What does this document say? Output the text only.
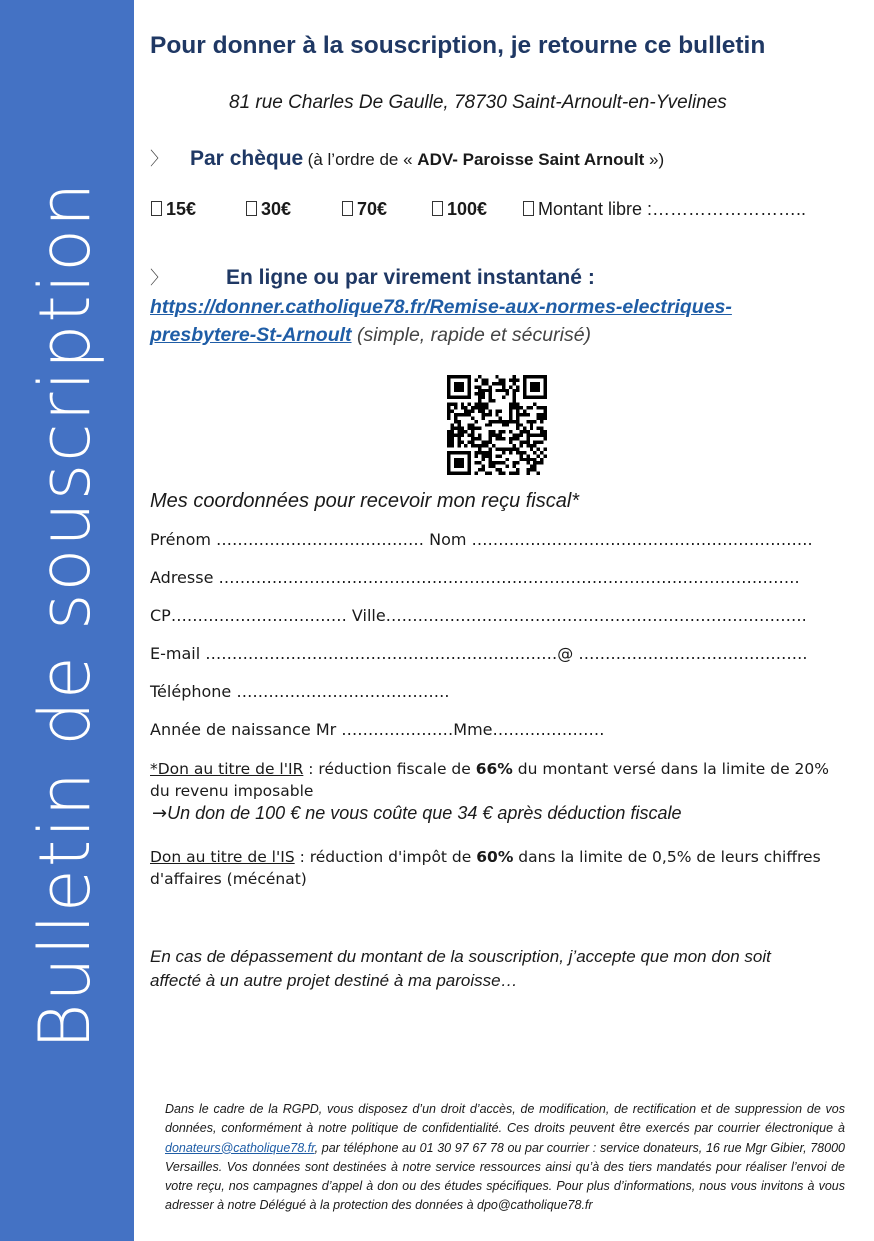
Bulletin de souscription
Pour donner à la souscription, je retourne ce bulletin
81 rue Charles De Gaulle, 78730 Saint-Arnoult-en-Yvelines
〉 Par chèque (à l’ordre de « ADV- Paroisse Saint Arnoult »)
15€	30€	70€	100€	Montant libre :……………………..
〉	En ligne ou par virement instantané :
https://donner.catholique78.fr/Remise-aux-normes-electriques-presbytere-St-Arnoult (simple, rapide et sécurisé)
Mes coordonnées pour recevoir mon reçu fiscal*
Prénom ………………………………… Nom ……………………………………………………….
Adresse ……………………………………………………………………………………………….
CP…………………………… Ville…………………………………………………………………….
E-mail …………………………………………………………@ …………………………………….
Téléphone ………………………………….
Année de naissance Mr …………………Mme…………………
*Don au titre de l'IR : réduction fiscale de 66% du montant versé dans la limite de 20% du revenu imposable
→Un don de 100 € ne vous coûte que 34 € après déduction fiscale
Don au titre de l'IS : réduction d'impôt de 60% dans la limite de 0,5% de leurs chiffres d'affaires (mécénat)
En cas de dépassement du montant de la souscription, j’accepte que mon don soit affecté à un autre projet destiné à ma paroisse…
Dans le cadre de la RGPD, vous disposez d’un droit d’accès, de modification, de rectification et de suppression de vos données, conformément à notre politique de confidentialité. Ces droits peuvent être exercés par courrier électronique à donateurs@catholique78.fr, par téléphone au 01 30 97 67 78 ou par courrier : service donateurs, 16 rue Mgr Gibier, 78000 Versailles. Vos données sont destinées à notre service ressources ainsi qu’à des tiers mandatés pour réaliser l’envoi de votre reçu, nos campagnes d’appel à don ou des études spécifiques. Pour plus d’informations, nous vous invitons à vous adresser à notre Délégué à la protection des données à dpo@catholique78.fr
